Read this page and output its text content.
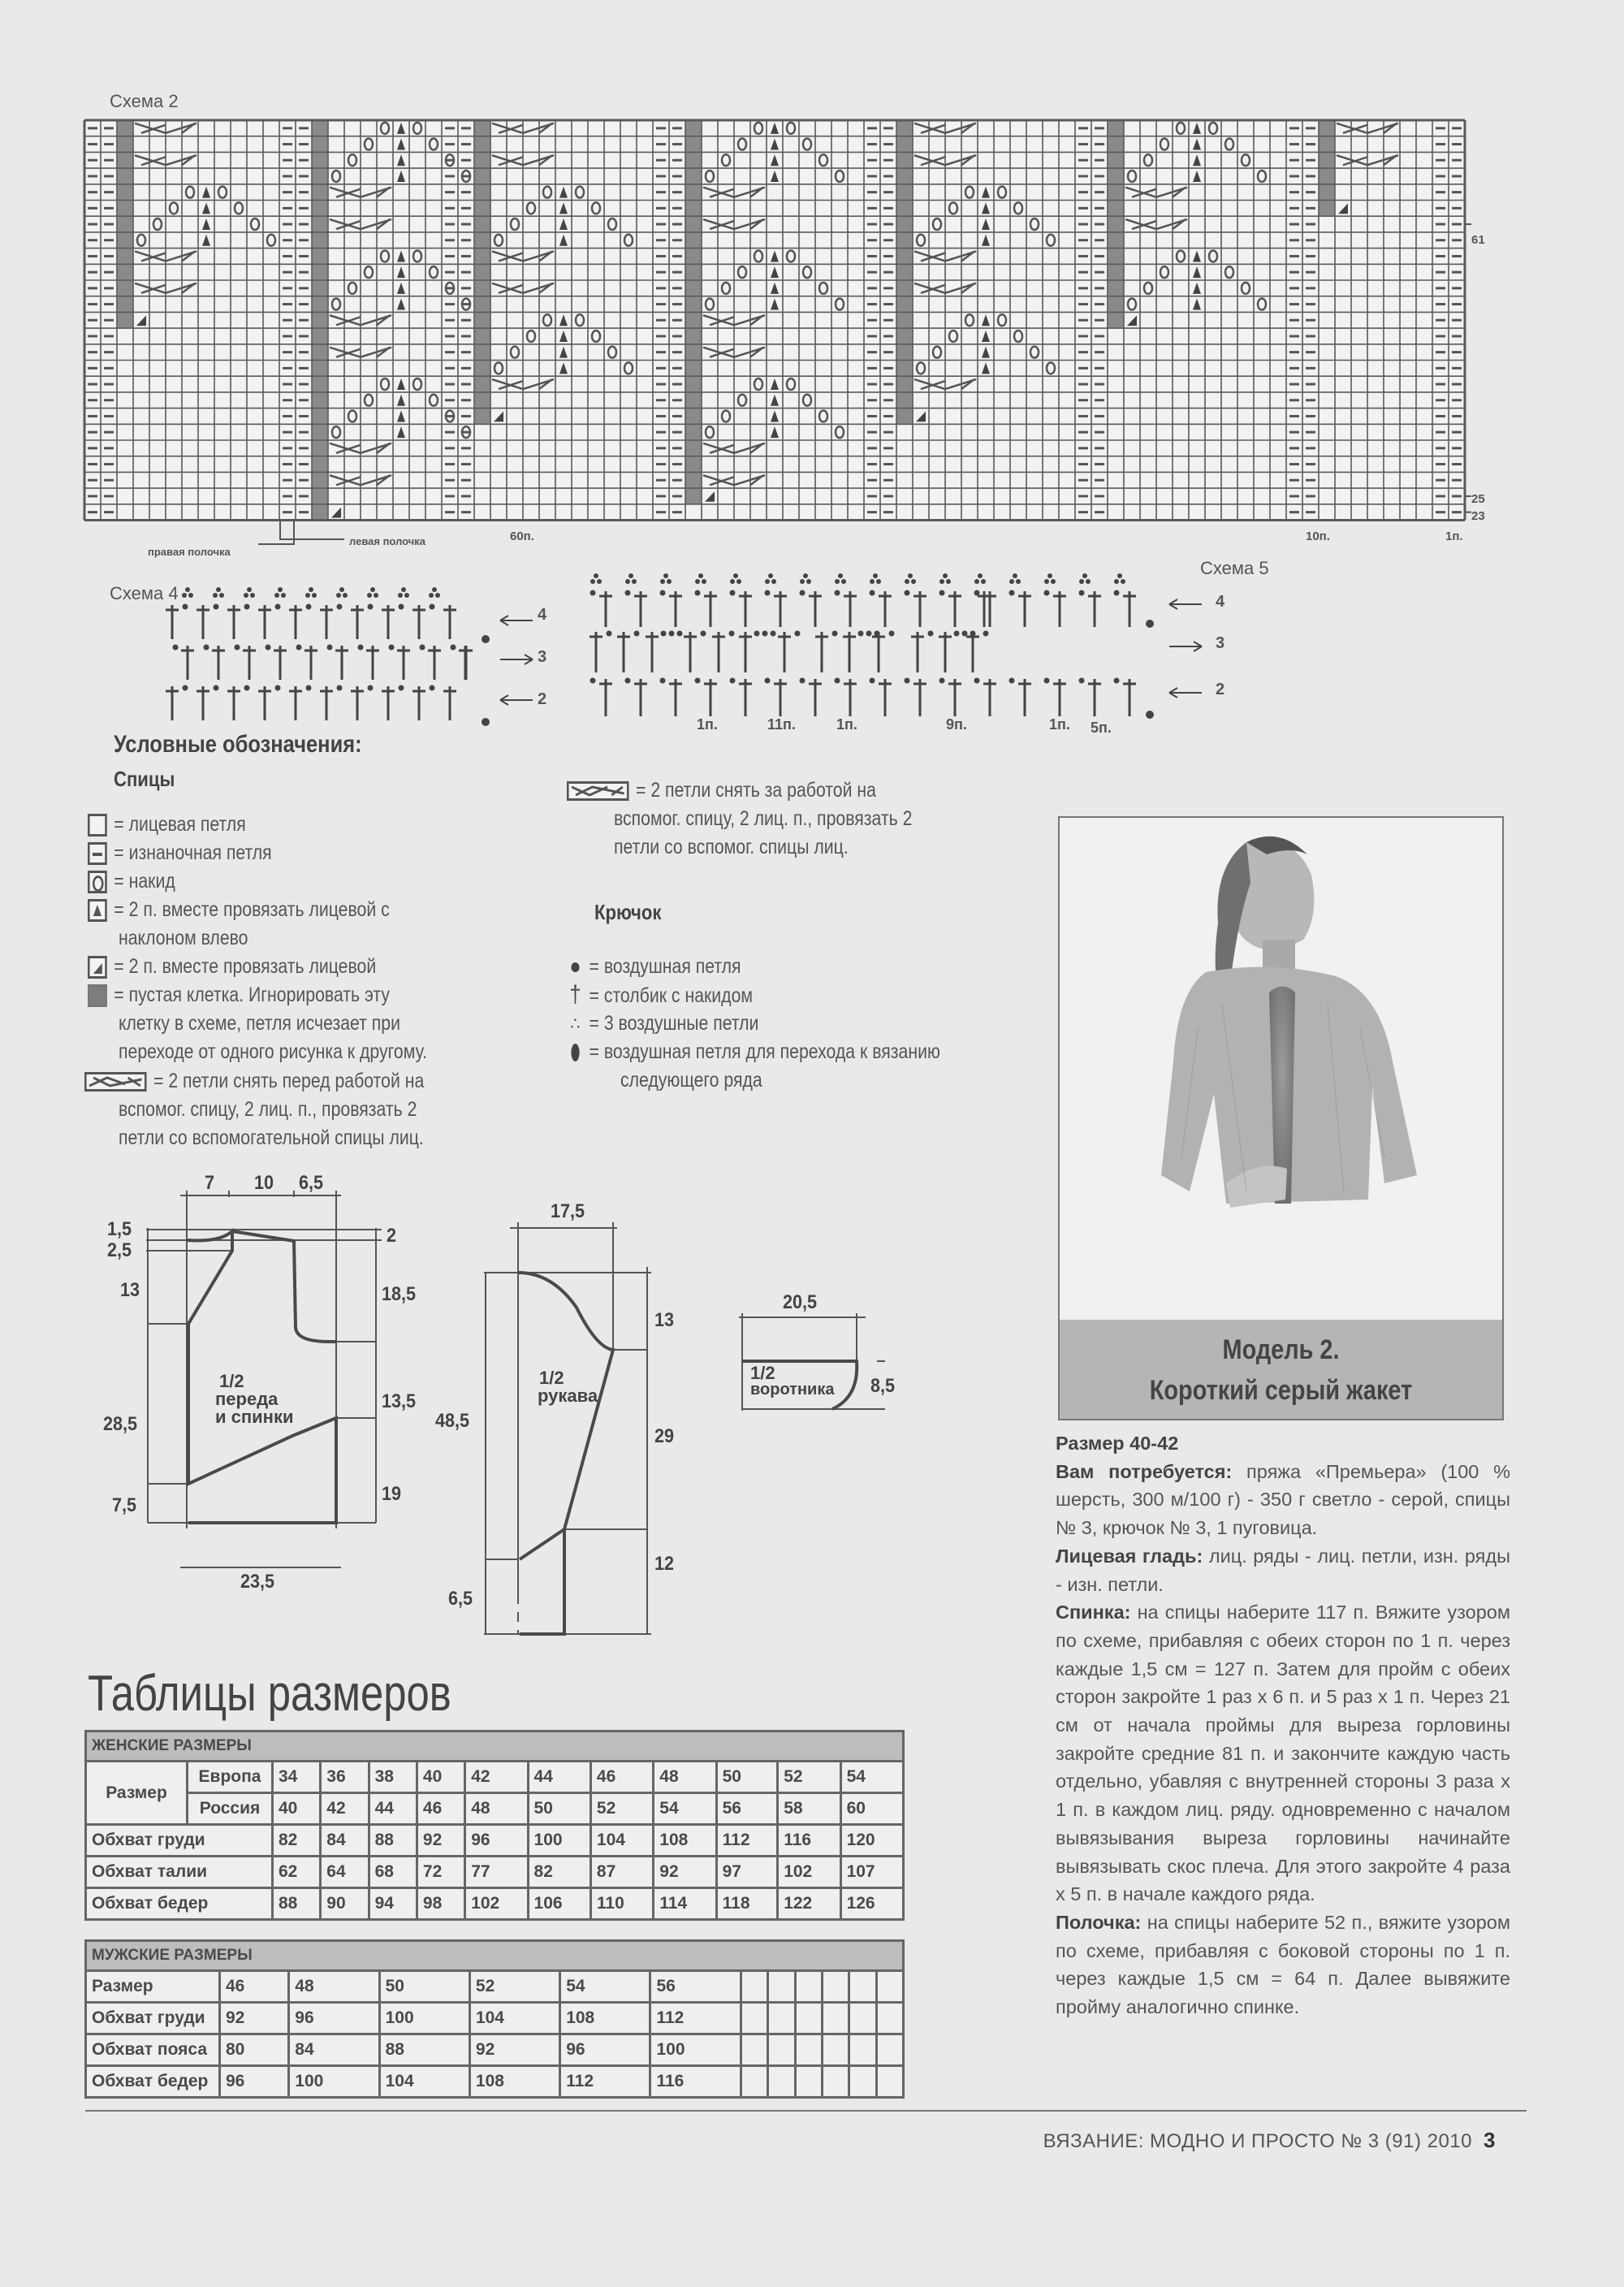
Схема 2
61
25
23
60п.	10п.	1п.
правая полочка
левая полочка
Схема 4
4
3
2
Схема 5
4
3
2
1п.	11п.	1п.	9п.	1п. 5п.
Условные обозначения:
Спицы
= лицевая петля
= изнаночная петля
= накид
= 2 п. вместе провязать лицевой с
наклоном влево
= 2 п. вместе провязать лицевой
= пустая клетка. Игнорировать эту
клетку в схеме, петля исчезает при
переходе от одного рисунка к другому.
= 2 петли снять перед работой на
вспомог. спицу, 2 лиц. п., провязать 2
петли со вспомогательной спицы лиц.
= 2 петли снять за работой на
вспомог. спицу, 2 лиц. п., провязать 2
петли со вспомог. спицы лиц.
Крючок
= воздушная петля
† = столбик с накидом
∴ = 3 воздушные петли
= воздушная петля для перехода к вязанию
следующего ряда
1/2
переда
и спинки
7 10 6,5
1,5
2,5
13
28,5
7,5
2
18,5
13,5
19
23,5
1/2
рукава
17,5
48,5
6,5
13
29
12
1/2
воротника
20,5
8,5
Таблицы размеров
ЖЕНСКИЕ РАЗМЕРЫ												
Размер	Европа	34	36	38	40	42	44	46	48	50	52	54
	Россия	40	42	44	46	48	50	52	54	56	58	60
Обхват груди		82	84	88	92	96	100	104	108	112	116	120
Обхват талии		62	64	68	72	77	82	87	92	97	102	107
Обхват бедер		88	90	94	98	102	106	110	114	118	122	126
МУЖСКИЕ РАЗМЕРЫ												
Размер	46	48	50	52	54	56						
Обхват груди	92	96	100	104	108	112						
Обхват пояса	80	84	88	92	96	100						
Обхват бедер	96	100	104	108	112	116						
Модель 2.
Короткий серый жакет

Размер 40-42

Вам потребуется: пряжа «Премьера» (100 % шерсть, 300 м/100 г) - 350 г светло - серой, спицы № 3, крючок № 3, 1 пуговица.

Лицевая гладь: лиц. ряды - лиц. петли, изн. ряды - изн. петли.

Спинка: на спицы наберите 117 п. Вяжите узором по схеме, прибавляя с обеих сторон по 1 п. через каждые 1,5 см = 127 п. Затем для пройм с обеих сторон закройте 1 раз х 6 п. и 5 раз х 1 п. Через 21 см от начала проймы для выреза горловины закройте средние 81 п. и закончите каждую часть отдельно, убавляя с внутренней стороны 3 раза х 1 п. в каждом лиц. ряду. одновременно с началом вывязывания выреза горловины начинайте вывязывать скос плеча. Для этого закройте 4 раза х 5 п. в начале каждого ряда.

Полочка: на спицы наберите 52 п., вяжите узором по схеме, прибавляя с боковой стороны по 1 п. через каждые 1,5 см = 64 п. Далее вывяжите пройму аналогично спинке.

ВЯЗАНИЕ: МОДНО И ПРОСТО № 3 (91) 2010 3
